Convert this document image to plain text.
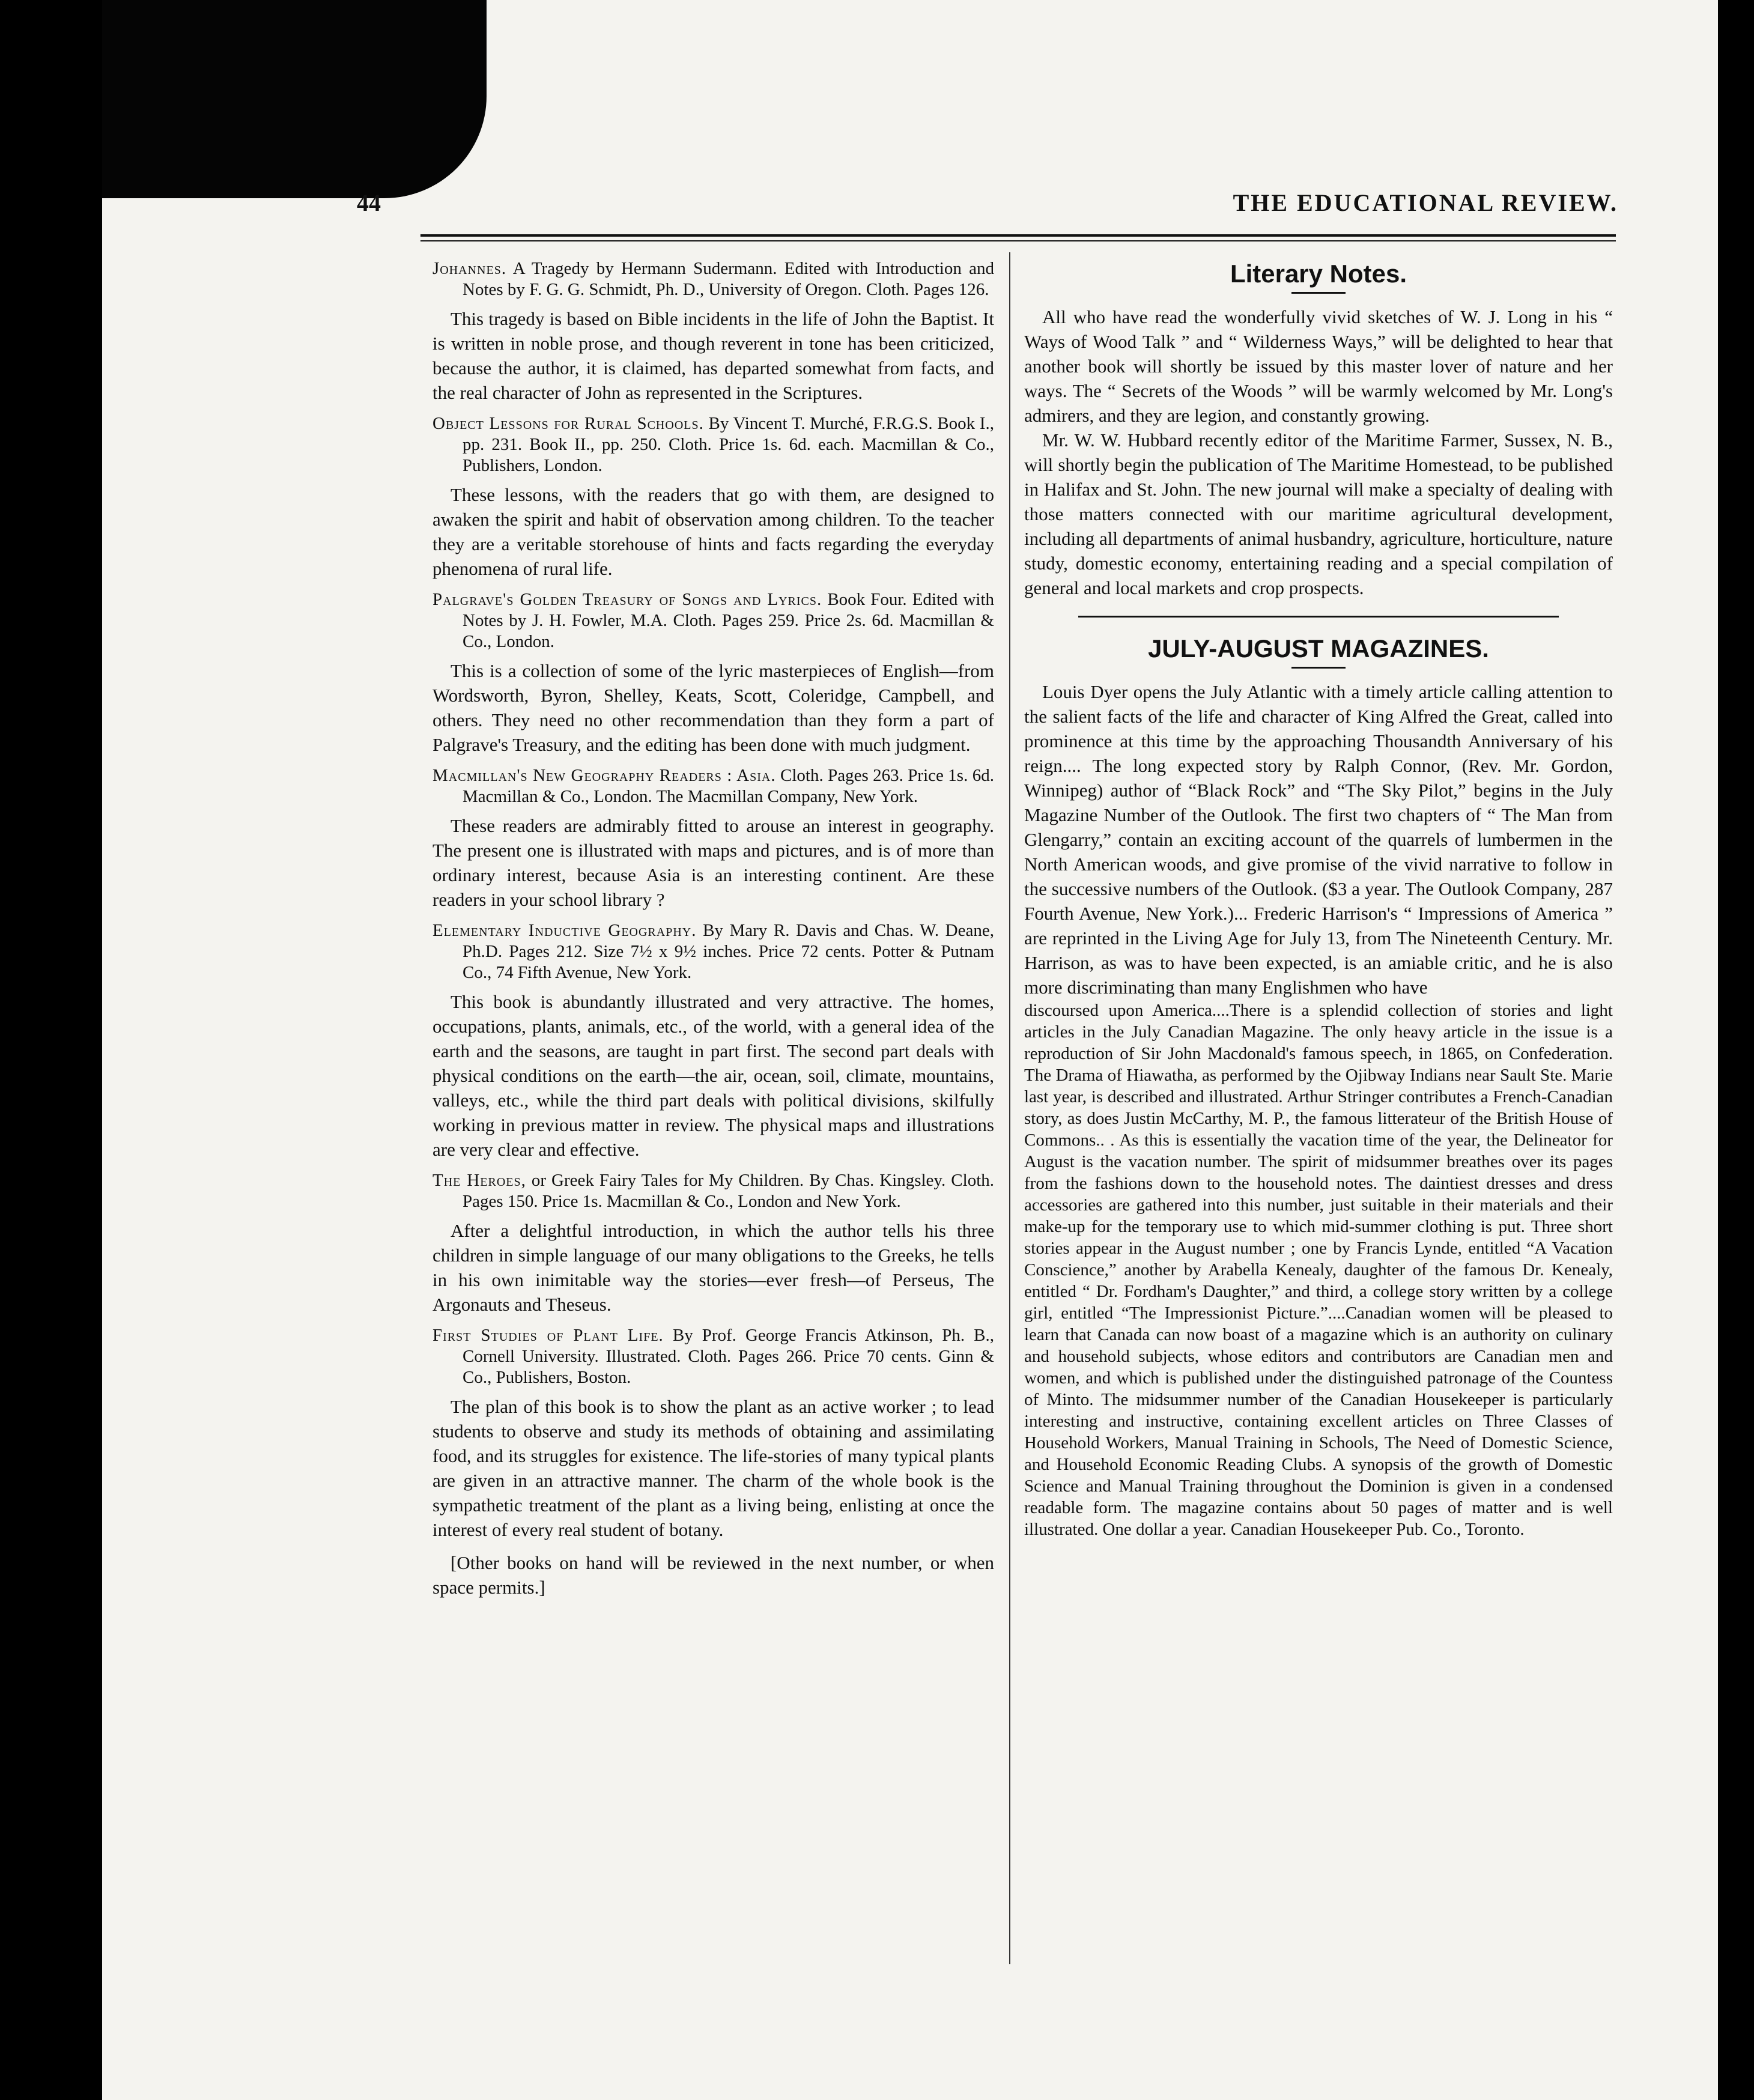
44	THE EDUCATIONAL REVIEW.

Johannes. A Tragedy by Hermann Sudermann. Edited with Introduction and Notes by F. G. G. Schmidt, Ph. D., University of Oregon. Cloth. Pages 126.

This tragedy is based on Bible incidents in the life of John the Baptist. It is written in noble prose, and though reverent in tone has been criticized, because the author, it is claimed, has departed somewhat from facts, and the real character of John as represented in the Scriptures.

Object Lessons for Rural Schools. By Vincent T. Murché, F.R.G.S. Book I., pp. 231. Book II., pp. 250. Cloth. Price 1s. 6d. each. Macmillan & Co., Publishers, London.

These lessons, with the readers that go with them, are designed to awaken the spirit and habit of observation among children. To the teacher they are a veritable storehouse of hints and facts regarding the everyday phenomena of rural life.

Palgrave's Golden Treasury of Songs and Lyrics. Book Four. Edited with Notes by J. H. Fowler, M.A. Cloth. Pages 259. Price 2s. 6d. Macmillan & Co., London.

This is a collection of some of the lyric masterpieces of English—from Wordsworth, Byron, Shelley, Keats, Scott, Coleridge, Campbell, and others. They need no other recommendation than they form a part of Palgrave's Treasury, and the editing has been done with much judgment.

Macmillan's New Geography Readers : Asia. Cloth. Pages 263. Price 1s. 6d. Macmillan & Co., London. The Macmillan Company, New York.

These readers are admirably fitted to arouse an interest in geography. The present one is illustrated with maps and pictures, and is of more than ordinary interest, because Asia is an interesting continent. Are these readers in your school library ?

Elementary Inductive Geography. By Mary R. Davis and Chas. W. Deane, Ph.D. Pages 212. Size 7½ x 9½ inches. Price 72 cents. Potter & Putnam Co., 74 Fifth Avenue, New York.

This book is abundantly illustrated and very attractive. The homes, occupations, plants, animals, etc., of the world, with a general idea of the earth and the seasons, are taught in part first. The second part deals with physical conditions on the earth—the air, ocean, soil, climate, mountains, valleys, etc., while the third part deals with political divisions, skilfully working in previous matter in review. The physical maps and illustrations are very clear and effective.

The Heroes, or Greek Fairy Tales for My Children. By Chas. Kingsley. Cloth. Pages 150. Price 1s. Macmillan & Co., London and New York.

After a delightful introduction, in which the author tells his three children in simple language of our many obligations to the Greeks, he tells in his own inimitable way the stories—ever fresh—of Perseus, The Argonauts and Theseus.

First Studies of Plant Life. By Prof. George Francis Atkinson, Ph. B., Cornell University. Illustrated. Cloth. Pages 266. Price 70 cents. Ginn & Co., Publishers, Boston.

The plan of this book is to show the plant as an active worker ; to lead students to observe and study its methods of obtaining and assimilating food, and its struggles for existence. The life-stories of many typical plants are given in an attractive manner. The charm of the whole book is the sympathetic treatment of the plant as a living being, enlisting at once the interest of every real student of botany.

[Other books on hand will be reviewed in the next number, or when space permits.]

Literary Notes.

All who have read the wonderfully vivid sketches of W. J. Long in his “ Ways of Wood Talk ” and “ Wilderness Ways,” will be delighted to hear that another book will shortly be issued by this master lover of nature and her ways. The “ Secrets of the Woods ” will be warmly welcomed by Mr. Long's admirers, and they are legion, and constantly growing.

Mr. W. W. Hubbard recently editor of the Maritime Farmer, Sussex, N. B., will shortly begin the publication of The Maritime Homestead, to be published in Halifax and St. John. The new journal will make a specialty of dealing with those matters connected with our maritime agricultural development, including all departments of animal husbandry, agriculture, horticulture, nature study, domestic economy, entertaining reading and a special compilation of general and local markets and crop prospects.

JULY-AUGUST MAGAZINES.

Louis Dyer opens the July Atlantic with a timely article calling attention to the salient facts of the life and character of King Alfred the Great, called into prominence at this time by the approaching Thousandth Anniversary of his reign.... The long expected story by Ralph Connor, (Rev. Mr. Gordon, Winnipeg) author of “Black Rock” and “The Sky Pilot,” begins in the July Magazine Number of the Outlook. The first two chapters of “ The Man from Glengarry,” contain an exciting account of the quarrels of lumbermen in the North American woods, and give promise of the vivid narrative to follow in the successive numbers of the Outlook. ($3 a year. The Outlook Company, 287 Fourth Avenue, New York.)... Frederic Harrison's “ Impressions of America ” are reprinted in the Living Age for July 13, from The Nineteenth Century. Mr. Harrison, as was to have been expected, is an amiable critic, and he is also more discriminating than many Englishmen who have

discoursed upon America....There is a splendid collection of stories and light articles in the July Canadian Magazine. The only heavy article in the issue is a reproduction of Sir John Macdonald's famous speech, in 1865, on Confederation. The Drama of Hiawatha, as performed by the Ojibway Indians near Sault Ste. Marie last year, is described and illustrated. Arthur Stringer contributes a French-Canadian story, as does Justin McCarthy, M. P., the famous litterateur of the British House of Commons.. . As this is essentially the vacation time of the year, the Delineator for August is the vacation number. The spirit of midsummer breathes over its pages from the fashions down to the household notes. The daintiest dresses and dress accessories are gathered into this number, just suitable in their materials and their make-up for the temporary use to which mid-summer clothing is put. Three short stories appear in the August number ; one by Francis Lynde, entitled “A Vacation Conscience,” another by Arabella Kenealy, daughter of the famous Dr. Kenealy, entitled “ Dr. Fordham's Daughter,” and third, a college story written by a college girl, entitled “The Impressionist Picture.”....Canadian women will be pleased to learn that Canada can now boast of a magazine which is an authority on culinary and household subjects, whose editors and contributors are Canadian men and women, and which is published under the distinguished patronage of the Countess of Minto. The midsummer number of the Canadian Housekeeper is particularly interesting and instructive, containing excellent articles on Three Classes of Household Workers, Manual Training in Schools, The Need of Domestic Science, and Household Economic Reading Clubs. A synopsis of the growth of Domestic Science and Manual Training throughout the Dominion is given in a condensed readable form. The magazine contains about 50 pages of matter and is well illustrated. One dollar a year. Canadian Housekeeper Pub. Co., Toronto.
